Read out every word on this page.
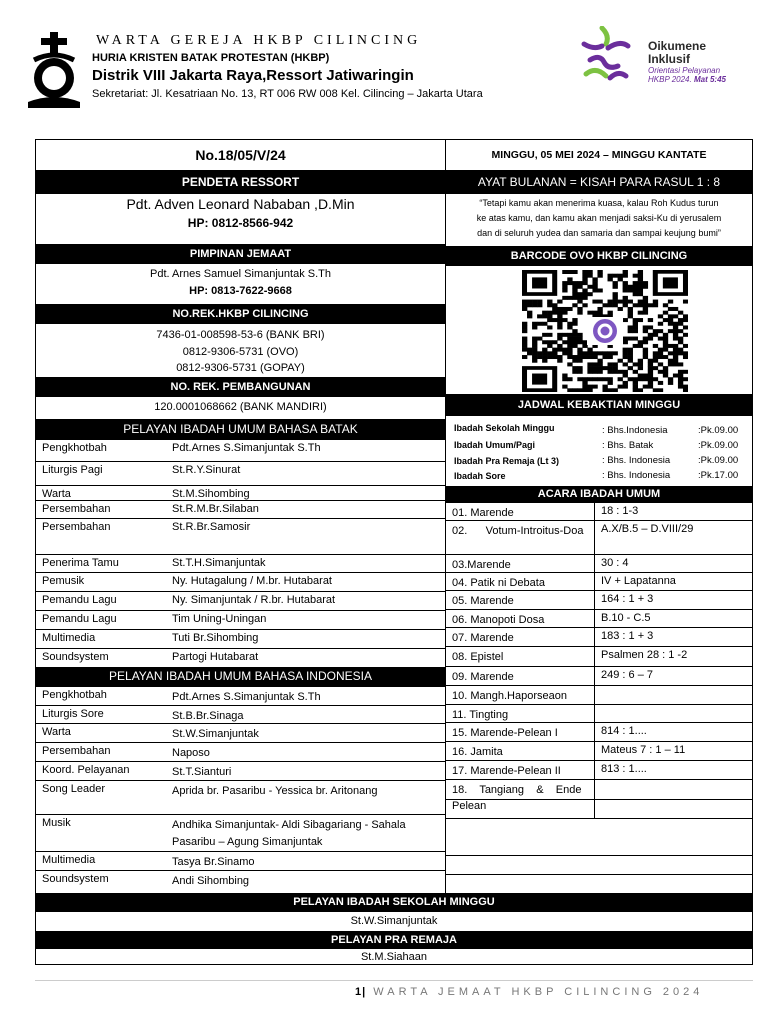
WARTA GEREJA HKBP CILINCING
HURIA KRISTEN BATAK PROTESTAN (HKBP)
Distrik VIII Jakarta Raya,Ressort Jatiwaringin
Sekretariat: Jl. Kesatriaan No. 13, RT 006 RW 008 Kel. Cilincing – Jakarta Utara
Oikumene
Inklusif
Orientasi Pelayanan
HKBP 2024. Mat 5:45
No.18/05/V/24	MINGGU, 05 MEI 2024 – MINGGU KANTATE
PENDETA RESSORT
Pdt. Adven Leonard Nababan ,D.Min
HP: 0812-8566-942
AYAT BULANAN = KISAH PARA RASUL 1 : 8
“Tetapi kamu akan menerima kuasa, kalau Roh Kudus turun
ke atas kamu, dan kamu akan menjadi saksi-Ku di yerusalem
dan di seluruh yudea dan samaria dan sampai keujung bumi”
PIMPINAN JEMAAT
Pdt. Arnes Samuel Simanjuntak S.Th
HP: 0813-7622-9668
BARCODE OVO HKBP CILINCING
NO.REK.HKBP CILINCING
7436-01-008598-53-6 (BANK BRI)
0812-9306-5731 (OVO)
0812-9306-5731 (GOPAY)
NO. REK. PEMBANGUNAN
120.0001068662 (BANK MANDIRI)	JADWAL KEBAKTIAN MINGGU
PELAYAN IBADAH UMUM BAHASA BATAK
Pengkhotbah	Pdt.Arnes S.Simanjuntak S.Th
Liturgis Pagi	St.R.Y.Sinurat
Warta	St.M.Sihombing
Persembahan	St.R.M.Br.Silaban
Persembahan	St.R.Br.Samosir
Penerima Tamu	St.T.H.Simanjuntak
Pemusik	Ny. Hutagalung / M.br. Hutabarat
Pemandu Lagu	Ny. Simanjuntak / R.br. Hutabarat
Pemandu Lagu	Tim Uning-Uningan
Multimedia	Tuti Br.Sihombing
Soundsystem	Partogi Hutabarat
ACARA IBADAH UMUM
01. Marende	18 : 1-3
02.      Votum-Introitus-Doa	A.X/B.5 – D.VIII/29
03.Marende	30 : 4
04. Patik ni Debata	IV + Lapatanna
05. Marende	164 : 1 + 3
06. Manopoti Dosa	B.10 - C.5
07. Marende	183 : 1 + 3
08. Epistel	Psalmen 28 : 1 -2
09. Marende	249 : 6 – 7
10. Mangh.Haporseaon
11. Tingting
15. Marende-Pelean I	814 : 1....
16. Jamita	Mateus 7 : 1 – 11
17. Marende-Pelean II	813 : 1....
18.    Tangiang    &    Ende Pelean
PELAYAN IBADAH UMUM BAHASA INDONESIA
Pengkhotbah	Pdt.Arnes S.Simanjuntak S.Th
Liturgis Sore	St.B.Br.Sinaga
Warta	St.W.Simanjuntak
Persembahan	Naposo
Koord. Pelayanan	St.T.Sianturi
Song Leader	Aprida br. Pasaribu - Yessica br. Aritonang
Musik	Andhika Simanjuntak- Aldi Sibagariang - Sahala Pasaribu – Agung Simanjuntak
Multimedia	Tasya Br.Sinamo
Soundsystem	Andi Sihombing
PELAYAN IBADAH SEKOLAH MINGGU
St.W.Simanjuntak
PELAYAN PRA REMAJA
St.M.Siahaan
Ibadah Sekolah Minggu	: Bhs.Indonesia	:Pk.09.00
Ibadah Umum/Pagi	: Bhs. Batak	:Pk.09.00
Ibadah Pra Remaja (Lt 3)	: Bhs. Indonesia	:Pk.09.00
Ibadah Sore	: Bhs. Indonesia	:Pk.17.00
1| WARTA JEMAAT HKBP CILINCING 2024
